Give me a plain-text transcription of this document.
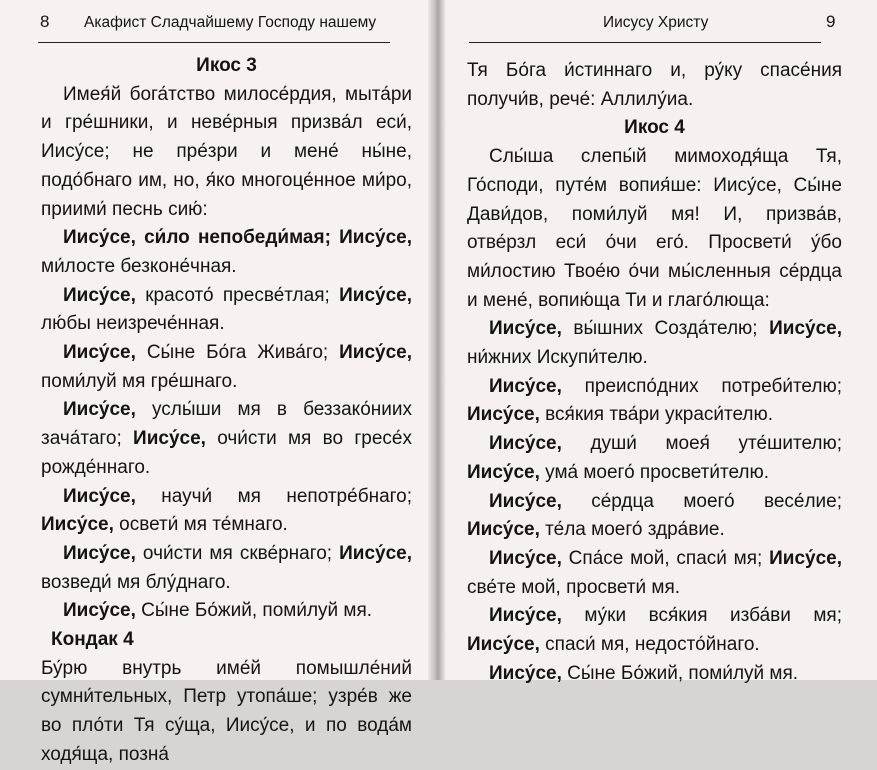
8 Акафист Сладчайшему Господу нашему
Икос 3

Имея́й бога́тство милосе́рдия, мыта́ри и гре́шники, и неве́рныя призва́л еси́, Иису́се; не пре́зри и мене́ ны́не, подо́бнаго им, но, я́ко многоце́нное ми́ро, приими́ песнь сию́:

Иису́се, си́ло непобеди́мая; Иису́се, ми́лосте безконе́чная.

Иису́се, красото́ пресве́тлая; Иису́се, лю́бы неизрече́нная.

Иису́се, Сы́не Бо́га Жива́го; Иису́се, поми́луй мя гре́шнаго.

Иису́се, услы́ши мя в беззако́ниих зача́таго; Иису́се, очи́сти мя во гресе́х рожде́ннаго.

Иису́се, научи́ мя непотре́бнаго; Иису́се, освети́ мя те́мнаго.

Иису́се, очи́сти мя скве́рнаго; Иису́се, возведи́ мя блу́днаго.

Иису́се, Сы́не Бо́жий, поми́луй мя.

Кондак 4

Бу́рю внутрь име́й помышле́ний сумни́тельных, Петр утопа́ше; узре́в же во пло́ти Тя су́ща, Иису́се, и по вода́м ходя́ща, позна́

Иисусу Христу	9

Тя Бо́га и́стиннаго и, ру́ку спасе́ния получи́в, рече́: Аллилу́иа.

Икос 4

Слы́ша слепы́й мимоходя́ща Тя, Го́споди, путе́м вопия́ше: Иису́се, Сы́не Дави́дов, поми́луй мя! И, призва́в, отве́рзл еси́ о́чи его́. Просвети́ у́бо ми́лостию Твое́ю о́чи мы́сленныя се́рдца и мене́, вопию́ща Ти и глаго́люща:

Иису́се, вы́шних Созда́телю; Иису́се, ни́жних Искупи́телю.

Иису́се, преиспо́дних потреби́телю; Иису́се, вся́кия тва́ри украси́телю.

Иису́се, души́ моея́ уте́шителю; Иису́се, ума́ моего́ просвети́телю.

Иису́се, се́рдца моего́ весе́лие; Иису́се, те́ла моего́ здра́вие.

Иису́се, Спа́се мой, спаси́ мя; Иису́се, све́те мой, просвети́ мя.

Иису́се, му́ки вся́кия изба́ви мя; Иису́се, спаси́ мя, недосто́йнаго.

Иису́се, Сы́не Бо́жий, поми́луй мя.
